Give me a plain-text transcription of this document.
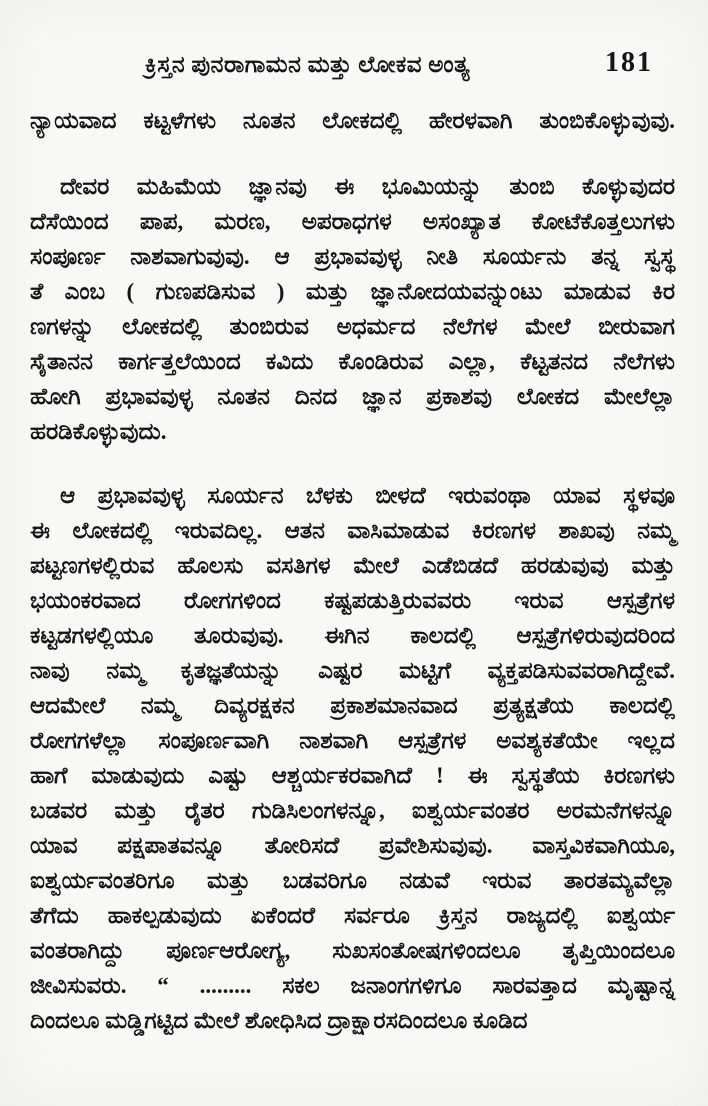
ಕ್ರಿಸ್ತನ ಪುನರಾಗಾಮನ ಮತ್ತು ಲೋಕವ ಅಂತ್ಯ	181
ನ್ಯಾಯವಾದ ಕಟ್ಟಳೆಗಳು ನೂತನ ಲೋಕದಲ್ಲಿ ಹೇರಳವಾಗಿ ತುಂಬಿಕೊಳ್ಳುವುವು.
ದೇವರ ಮಹಿಮೆಯ ಜ್ಞಾನವು ಈ ಭೂಮಿಯನ್ನು ತುಂಬಿ ಕೊಳ್ಳುವುದರ
ದೆಸೆಯಿಂದ ಪಾಪ, ಮರಣ, ಅಪರಾಧಗಳ ಅಸಂಖ್ಯಾತ ಕೋಟೆಕೊತ್ತಲುಗಳು
ಸಂಪೂರ್ಣ ನಾಶವಾಗುವುವು. ಆ ಪ್ರಭಾವವುಳ್ಳ ನೀತಿ ಸೂರ್ಯನು ತನ್ನ ಸ್ವಸ್ಥ
ತೆ ಎಂಬ ( ಗುಣಪಡಿಸುವ ) ಮತ್ತು ಜ್ಞಾನೋದಯವನ್ನುಂಟು ಮಾಡುವ ಕಿರ
ಣಗಳನ್ನು ಲೋಕದಲ್ಲಿ ತುಂಬಿರುವ ಅಧರ್ಮದ ನೆಲೆಗಳ ಮೇಲೆ ಬೀರುವಾಗ
ಸೈತಾನನ ಕಾರ್ಗತ್ತಲೆಯಿಂದ ಕವಿದು ಕೊಂಡಿರುವ ಎಲ್ಲಾ, ಕೆಟ್ಟತನದ ನೆಲೆಗಳು
ಹೋಗಿ ಪ್ರಭಾವವುಳ್ಳ ನೂತನ ದಿನದ ಜ್ಞಾನ ಪ್ರಕಾಶವು ಲೋಕದ ಮೇಲೆಲ್ಲಾ
ಹರಡಿಕೊಳ್ಳುವುದು.
ಆ ಪ್ರಭಾವವುಳ್ಳ ಸೂರ್ಯನ ಬೆಳಕು ಬೀಳದೆ ಇರುವಂಥಾ ಯಾವ ಸ್ಥಳವೂ
ಈ ಲೋಕದಲ್ಲಿ ಇರುವದಿಲ್ಲ. ಆತನ ವಾಸಿಮಾಡುವ ಕಿರಣಗಳ ಶಾಖವು ನಮ್ಮ
ಪಟ್ಟಣಗಳಲ್ಲಿರುವ ಹೊಲಸು ವಸತಿಗಳ ಮೇಲೆ ಎಡೆಬಿಡದೆ ಹರಡುವುವು ಮತ್ತು
ಭಯಂಕರವಾದ ರೋಗಗಳಿಂದ ಕಷ್ಟಪಡುತ್ತಿರುವವರು ಇರುವ ಆಸ್ಪತ್ರೆಗಳ
ಕಟ್ಟಡಗಳಲ್ಲಿಯೂ ತೂರುವುವು. ಈಗಿನ ಕಾಲದಲ್ಲಿ ಆಸ್ಪತ್ರೆಗಳಿರುವುದರಿಂದ
ನಾವು ನಮ್ಮ ಕೃತಜ್ಞತೆಯನ್ನು ಎಷ್ಟರ ಮಟ್ಟಿಗೆ ವ್ಯಕ್ತಪಡಿಸುವವರಾಗಿದ್ದೇವೆ.
ಆದಮೇಲೆ ನಮ್ಮ ದಿವ್ಯರಕ್ಷಕನ ಪ್ರಕಾಶಮಾನವಾದ ಪ್ರತ್ಯಕ್ಷತೆಯ ಕಾಲದಲ್ಲಿ
ರೋಗಗಳೆಲ್ಲಾ ಸಂಪೂರ್ಣವಾಗಿ ನಾಶವಾಗಿ ಆಸ್ಪತ್ರೆಗಳ ಅವಶ್ಯಕತೆಯೇ ಇಲ್ಲದ
ಹಾಗೆ ಮಾಡುವುದು ಎಷ್ಟು ಆಶ್ಚರ್ಯಕರವಾಗಿದೆ ! ಈ ಸ್ವಸ್ಥತೆಯ ಕಿರಣಗಳು
ಬಡವರ ಮತ್ತು ರೈತರ ಗುಡಿಸಿಲಂಗಳನ್ನೂ, ಐಶ್ವರ್ಯವಂತರ ಅರಮನೆಗಳನ್ನೂ
ಯಾವ ಪಕ್ಷಪಾತವನ್ನೂ ತೋರಿಸದೆ ಪ್ರವೇಶಿಸುವುವು. ವಾಸ್ತವಿಕವಾಗಿಯೂ,
ಐಶ್ವರ್ಯವಂತರಿಗೂ ಮತ್ತು ಬಡವರಿಗೂ ನಡುವೆ ಇರುವ ತಾರತಮ್ಯವೆಲ್ಲಾ
ತೆಗೆದು ಹಾಕಲ್ಪಡುವುದು ಏಕೆಂದರೆ ಸರ್ವರೂ ಕ್ರಿಸ್ತನ ರಾಜ್ಯದಲ್ಲಿ ಐಶ್ವರ್ಯ
ವಂತರಾಗಿದ್ದು ಪೂರ್ಣಆರೋಗ್ಯ, ಸುಖಸಂತೋಷಗಳಿಂದಲೂ ತೃಪ್ತಿಯಿಂದಲೂ
ಜೀವಿಸುವರು. “ ......... ಸಕಲ ಜನಾಂಗಗಳಿಗೂ ಸಾರವತ್ತಾದ ಮೃಷ್ಟಾನ್ನ
ದಿಂದಲೂ ಮಡ್ಡಿಗಟ್ಟಿದ ಮೇಲೆ ಶೋಧಿಸಿದ ದ್ರಾಕ್ಷಾರಸದಿಂದಲೂ ಕೂಡಿದ
